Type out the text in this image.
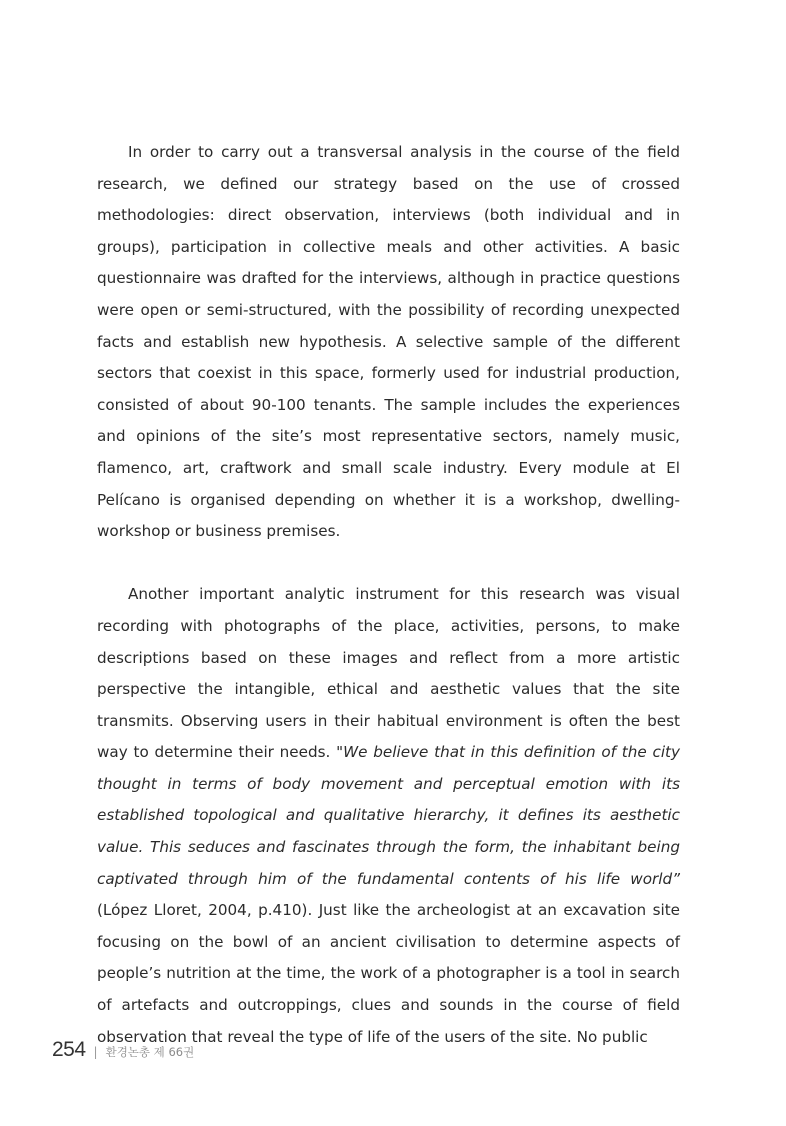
In order to carry out a transversal analysis in the course of the field research, we defined our strategy based on the use of crossed methodologies: direct observation, interviews (both individual and in groups), participation in collective meals and other activities. A basic questionnaire was drafted for the interviews, although in practice questions were open or semi-structured, with the possibility of recording unexpected facts and establish new hypothesis. A selective sample of the different sectors that coexist in this space, formerly used for industrial production, consisted of about 90-100 tenants. The sample includes the experiences and opinions of the site’s most representative sectors, namely music, flamenco, art, craftwork and small scale industry. Every module at El Pelícano is organised depending on whether it is a workshop, dwelling-workshop or business premises.

Another important analytic instrument for this research was visual recording with photographs of the place, activities, persons, to make descriptions based on these images and reflect from a more artistic perspective the intangible, ethical and aesthetic values that the site transmits. Observing users in their habitual environment is often the best way to determine their needs. "We believe that in this definition of the city thought in terms of body movement and perceptual emotion with its established topological and qualitative hierarchy, it defines its aesthetic value. This seduces and fascinates through the form, the inhabitant being captivated through him of the fundamental contents of his life world” (López Lloret, 2004, p.410). Just like the archeologist at an excavation site focusing on the bowl of an ancient civilisation to determine aspects of people’s nutrition at the time, the work of a photographer is a tool in search of artefacts and outcroppings, clues and sounds in the course of field observation that reveal the type of life of the users of the site. No public

254 | 환경논총 제 66권
